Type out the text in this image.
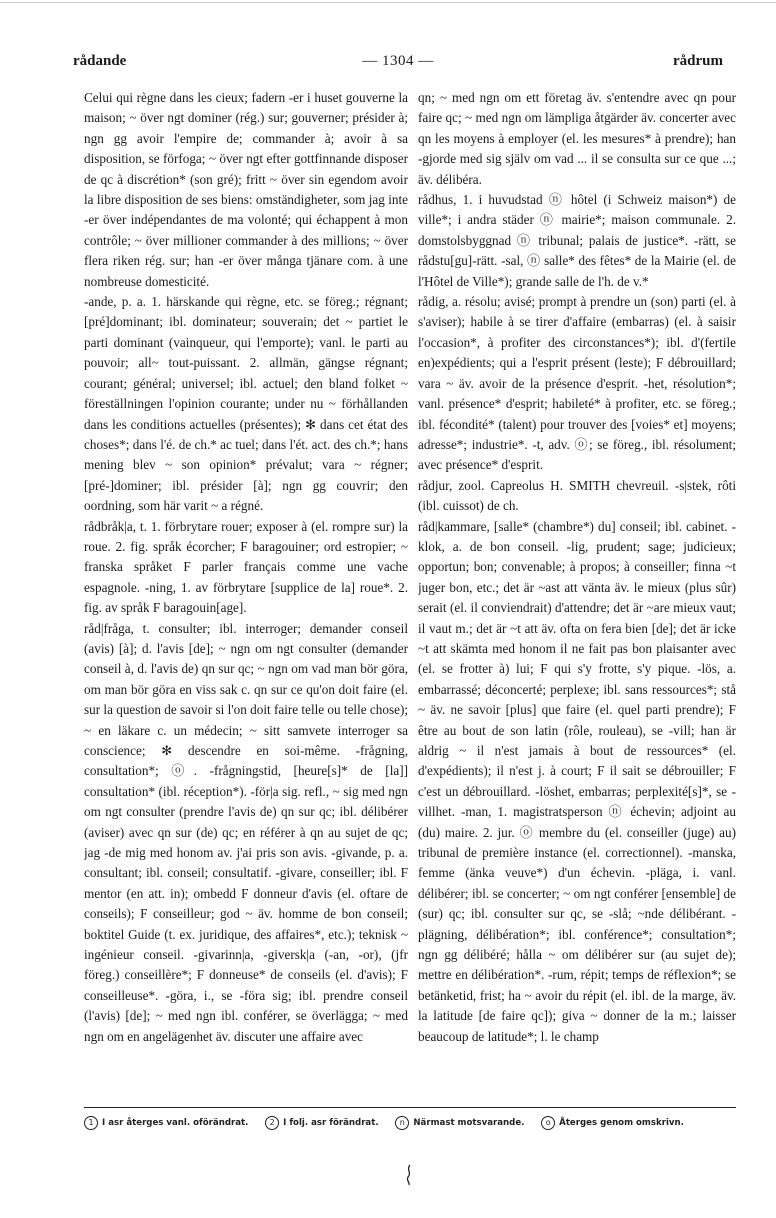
— 1304 —
rådande	rådrum

Celui qui règne dans les cieux; fadern -er i huset gouverne la maison; ~ över ngt dominer (rég.) sur; gouverner; présider à; ngn gg avoir l'empire de; commander à; avoir à sa disposition, se förfoga; ~ över ngt efter gottfinnande disposer de qc à discrétion* (son gré); fritt ~ över sin egendom avoir la libre disposition de ses biens: omständigheter, som jag inte -er över indépendantes de ma volonté; qui échappent à mon contrôle; ~ över millioner commander à des millions; ~ över flera riken rég. sur; han -er över många tjänare com. à une nombreuse domesticité.

-ande, p. a. 1. härskande qui règne, etc. se föreg.; régnant; [pré]dominant; ibl. dominateur; souverain; det ~ partiet le parti dominant (vainqueur, qui l'emporte); vanl. le parti au pouvoir; all~ tout-puissant. 2. allmän, gängse régnant; courant; général; universel; ibl. actuel; den bland folket ~ föreställningen l'opinion courante; under nu ~ förhållanden dans les conditions actuelles (présentes); ✻ dans cet état des choses*; dans l'é. de ch.* ac tuel; dans l'ét. act. des ch.*; hans mening blev ~ son opinion* prévalut; vara ~ régner; [pré-]dominer; ibl. présider [à]; ngn gg couvrir; den oordning, som här varit ~ a régné.

rådbråk|a, t. 1. förbrytare rouer; exposer à (el. rompre sur) la roue. 2. fig. språk écorcher; F baragouiner; ord estropier; ~ franska språket F parler français comme une vache espagnole. -ning, 1. av förbrytare [supplice de la] roue*. 2. fig. av språk F baragouin[age].

råd|fråga, t. consulter; ibl. interroger; demander conseil (avis) [à]; d. l'avis [de]; ~ ngn om ngt consulter (demander conseil à, d. l'avis de) qn sur qc; ~ ngn om vad man bör göra, om man bör göra en viss sak c. qn sur ce qu'on doit faire (el. sur la question de savoir si l'on doit faire telle ou telle chose); ~ en läkare c. un médecin; ~ sitt samvete interroger sa conscience; ✻ descendre en soi-même. -frågning, consultation*; ⓞ. -frågningstid, [heure[s]* de [la]] consultation* (ibl. réception*). -för|a sig. refl., ~ sig med ngn om ngt consulter (prendre l'avis de) qn sur qc; ibl. délibérer (aviser) avec qn sur (de) qc; en référer à qn au sujet de qc; jag -de mig med honom av. j'ai pris son avis. -givande, p. a. consultant; ibl. conseil; consultatif. -givare, conseiller; ibl. F mentor (en att. in); ombedd F donneur d'avis (el. oftare de conseils); F conseilleur; god ~ äv. homme de bon conseil; boktitel Guide (t. ex. juridique, des affaires*, etc.); teknisk ~ ingénieur conseil. -givarinn|a, -giversk|a (-an, -or), (jfr föreg.) conseillère*; F donneuse* de conseils (el. d'avis); F conseilleuse*. -göra, i., se -föra sig; ibl. prendre conseil (l'avis) [de]; ~ med ngn ibl. conférer, se överlägga; ~ med ngn om en angelägenhet äv. discuter une affaire avec

qn; ~ med ngn om ett företag äv. s'entendre avec qn pour faire qc; ~ med ngn om lämpliga åtgärder äv. concerter avec qn les moyens à employer (el. les mesures* à prendre); han -gjorde med sig själv om vad ... il se consulta sur ce que ...; äv. délibéra.

rådhus, 1. i huvudstad ⓝ hôtel (i Schweiz maison*) de ville*; i andra städer ⓝ mairie*; maison communale. 2. domstolsbyggnad ⓝ tribunal; palais de justice*. -rätt, se rådstu[gu]-rätt. -sal, ⓝ salle* des fêtes* de la Mairie (el. de l'Hôtel de Ville*); grande salle de l'h. de v.*

rådig, a. résolu; avisé; prompt à prendre un (son) parti (el. à s'aviser); habile à se tirer d'affaire (embarras) (el. à saisir l'occasion*, à profiter des circonstances*); ibl. d'(fertile en)expédients; qui a l'esprit présent (leste); F débrouillard; vara ~ äv. avoir de la présence d'esprit. -het, résolution*; vanl. présence* d'esprit; habileté* à profiter, etc. se föreg.; ibl. fécondité* (talent) pour trouver des [voies* et] moyens; adresse*; industrie*. -t, adv. ⓞ; se föreg., ibl. résolument; avec présence* d'esprit.

rådjur, zool. Capreolus H. SMITH chevreuil. -s|stek, rôti (ibl. cuissot) de ch.

råd|kammare, [salle* (chambre*) du] conseil; ibl. cabinet. -klok, a. de bon conseil. -lig, prudent; sage; judicieux; opportun; bon; convenable; à propos; à conseiller; finna ~t juger bon, etc.; det är ~ast att vänta äv. le mieux (plus sûr) serait (el. il conviendrait) d'attendre; det är ~are mieux vaut; il vaut m.; det är ~t att äv. ofta on fera bien [de]; det är icke ~t att skämta med honom il ne fait pas bon plaisanter avec (el. se frotter à) lui; F qui s'y frotte, s'y pique. -lös, a. embarrassé; déconcerté; perplexe; ibl. sans ressources*; stå ~ äv. ne savoir [plus] que faire (el. quel parti prendre); F être au bout de son latin (rôle, rouleau), se -vill; han är aldrig ~ il n'est jamais à bout de ressources* (el. d'expédients); il n'est j. à court; F il sait se débrouiller; F c'est un débrouillard. -löshet, embarras; perplexité[s]*, se -villhet. -man, 1. magistratsperson ⓝ échevin; adjoint au (du) maire. 2. jur. ⓞ membre du (el. conseiller (juge) au) tribunal de première instance (el. correctionnel). -manska, femme (änka veuve*) d'un échevin. -pläga, i. vanl. délibérer; ibl. se concerter; ~ om ngt conférer [ensemble] de (sur) qc; ibl. consulter sur qc, se -slå; ~nde délibérant. -plägning, délibération*; ibl. conférence*; consultation*; ngn gg délibéré; hålla ~ om délibérer sur (au sujet de); mettre en délibération*. -rum, répit; temps de réflexion*; se betänketid, frist; ha ~ avoir du répit (el. ibl. de la marge, äv. la latitude [de faire qc]); giva ~ donner de la m.; laisser beaucoup de latitude*; l. le champ

1 I asr återges vanl. oförändrat.	2 I folj. asr förändrat.	n Närmast motsvarande.	o Återges genom omskrivn.
